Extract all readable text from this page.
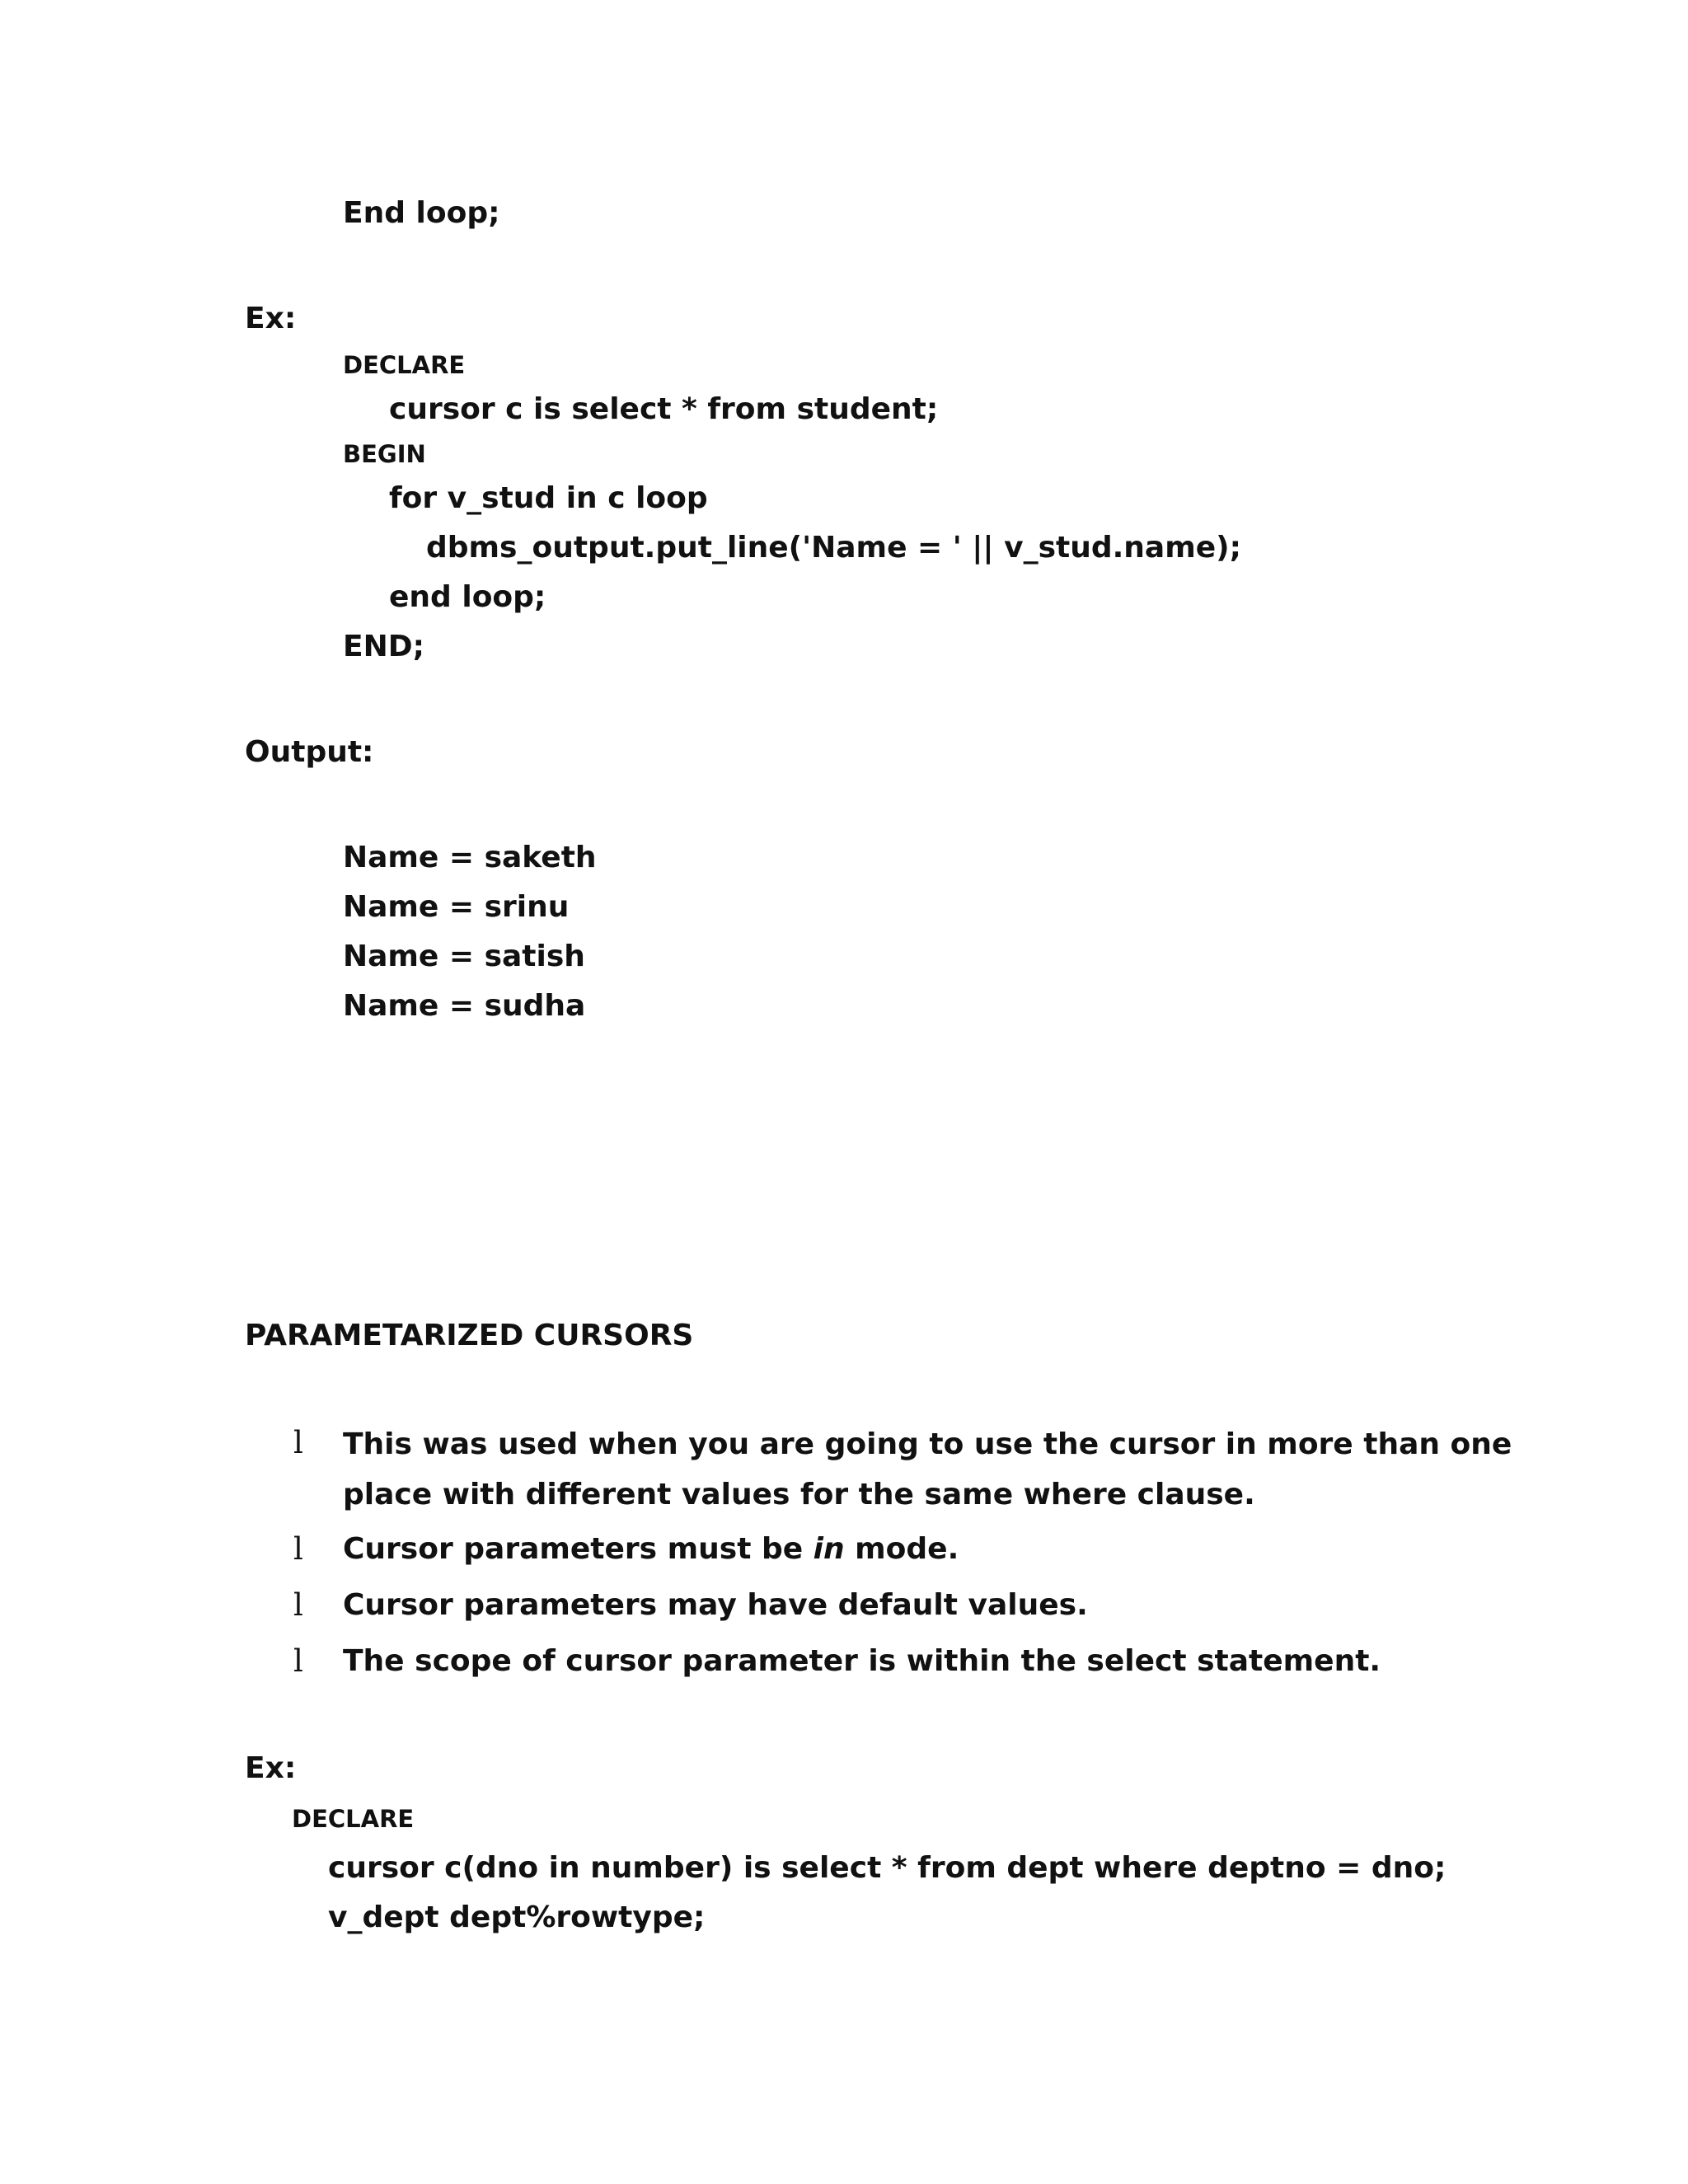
End loop;

Ex:

DECLARE

cursor c is select * from student;

BEGIN

for v_stud in c loop

dbms_output.put_line('Name = ' || v_stud.name);

end loop;

END;

Output:

Name = saketh

Name = srinu

Name = satish

Name = sudha

PARAMETARIZED CURSORS

l This was used when you are going to use the cursor in more than one

place with different values for the same where clause.

l Cursor parameters must be in mode.

l Cursor parameters may have default values.

l The scope of cursor parameter is within the select statement.

Ex:

DECLARE

cursor c(dno in number) is select * from dept where deptno = dno;

v_dept dept%rowtype;
